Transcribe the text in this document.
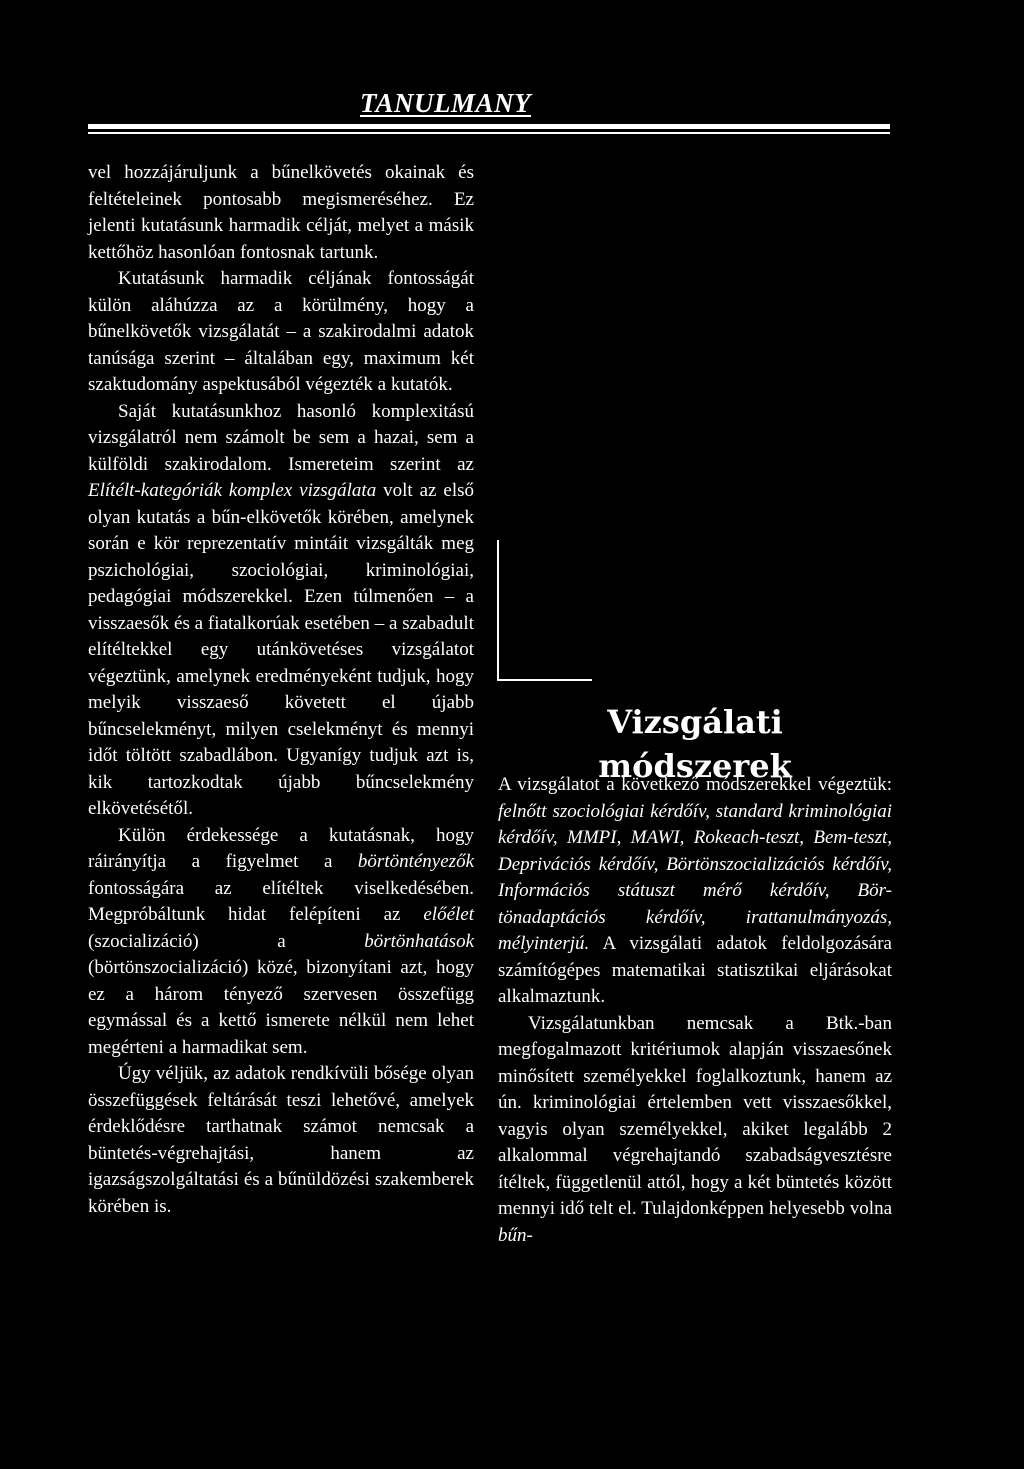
TANULMANY

vel hozzájáruljunk a bűnelkövetés okainak és feltételeinek pontosabb megismeréséhez. Ez jelenti kutatásunk harmadik célját, melyet a másik kettőhöz hasonlóan fontosnak tartunk.

Kutatásunk harmadik céljának fontosságát külön aláhúzza az a körülmény, hogy a bűnelkövetők vizsgálatát – a szakirodalmi adatok tanúsága szerint – általában egy, maximum két szaktudomány aspektusából végezték a kutatók.

Saját kutatásunkhoz hasonló komplexitású vizsgálatról nem számolt be sem a hazai, sem a külföldi szakirodalom. Ismereteim szerint az Elítélt-kategóriák komplex vizsgálata volt az első olyan kutatás a bűn-elkövetők körében, amelynek során e kör reprezentatív mintáit vizsgálták meg pszichológiai, szociológiai, kriminológiai, pedagógiai módszerekkel. Ezen túlmenően – a visszaesők és a fiatalkorúak esetében – a szabadult elítéltekkel egy utánkövetéses vizsgálatot végeztünk, amelynek eredményeként tudjuk, hogy melyik visszaeső követett el újabb bűncselekményt, milyen cselekményt és mennyi időt töltött szabadlábon. Ugyanígy tudjuk azt is, kik tartozkodtak újabb bűncselekmény elkövetésétől.

Külön érdekessége a kutatásnak, hogy ráirányítja a figyelmet a börtöntényezők fontosságára az elítéltek viselkedésében. Megpróbáltunk hidat felépíteni az előélet (szocializáció) a börtönhatások (börtönszocializáció) közé, bizonyítani azt, hogy ez a három tényező szervesen összefügg egymással és a kettő ismerete nélkül nem lehet megérteni a harmadikat sem.

Úgy véljük, az adatok rendkívüli bősége olyan összefüggések feltárását teszi lehetővé, amelyek érdeklődésre tarthatnak számot nemcsak a büntetés-végrehajtási, hanem az igazságszolgáltatási és a bűnüldözési szakemberek körében is.

Vizsgálati
módszerek

A vizsgálatot a következő módszerekkel végeztük: felnőtt szociológiai kérdőív, standard kriminológiai kérdőív, MMPI, MAWI, Rokeach-teszt, Bem-teszt, Deprivációs kérdőív, Börtönszocializációs kérdőív, Információs státuszt mérő kérdőív, Bör-tönadaptációs kérdőív, irattanulmányozás, mélyinterjú. A vizsgálati adatok feldolgozására számítógépes matematikai statisztikai eljárásokat alkalmaztunk.

Vizsgálatunkban nemcsak a Btk.-ban megfogalmazott kritériumok alapján visszaesőnek minősített személyekkel foglalkoztunk, hanem az ún. kriminológiai értelemben vett visszaesőkkel, vagyis olyan személyekkel, akiket legalább 2 alkalommal végrehajtandó szabadságvesztésre ítéltek, függetlenül attól, hogy a két büntetés között mennyi idő telt el. Tulajdonképpen helyesebb volna bűn-
